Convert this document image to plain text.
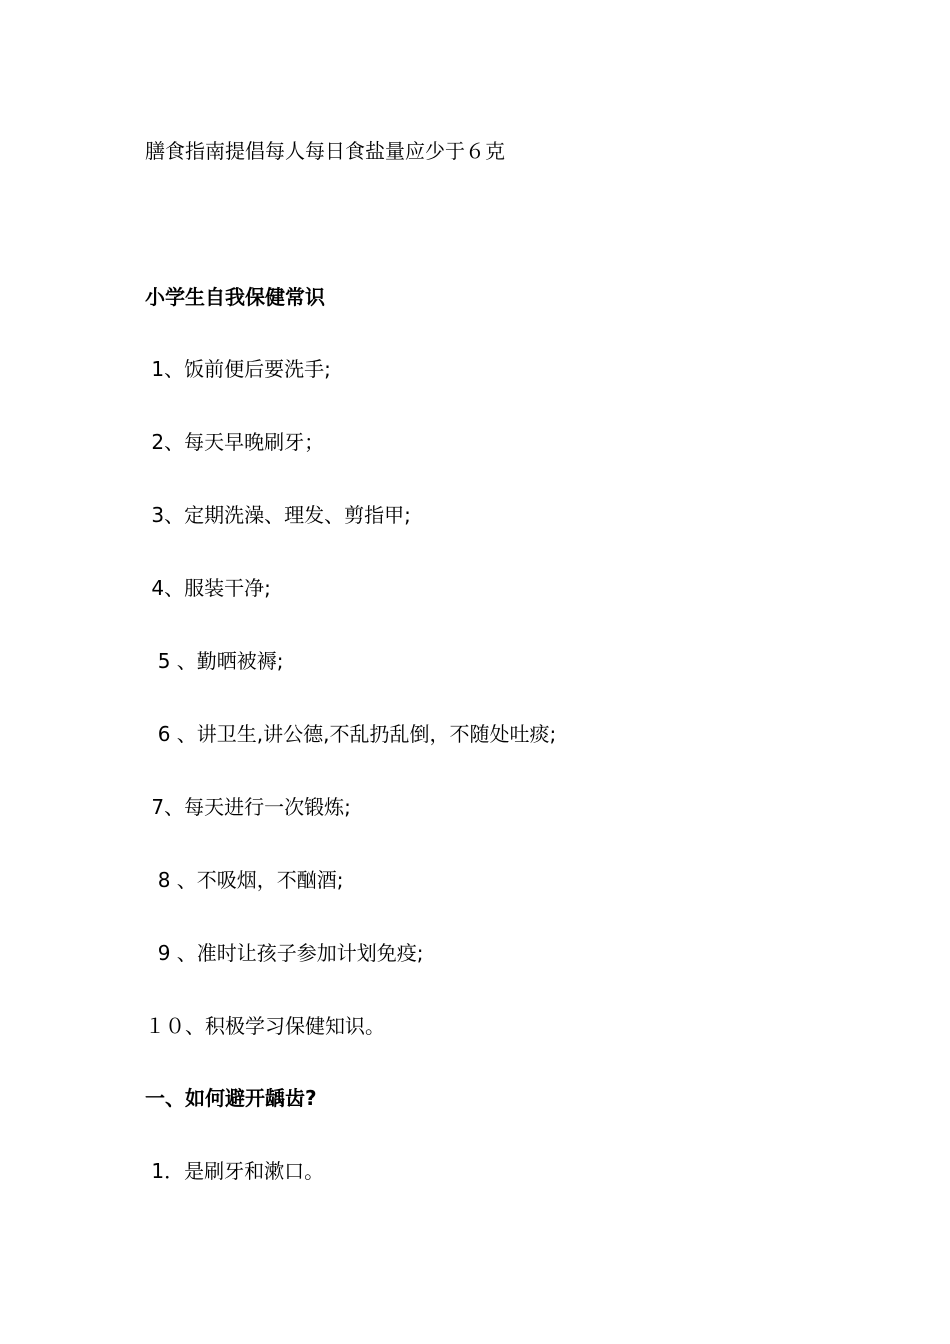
膳食指南提倡每人每日食盐量应少于６克

小学生自我保健常识

1、饭前便后要洗手;

2、每天早晚刷牙；

3、定期洗澡、理发、剪指甲;

4、服装干净;

5 、勤晒被褥;

6 、讲卫生,讲公德,不乱扔乱倒，不随处吐痰;

7、每天进行一次锻炼;

8 、不吸烟，不酗酒;

9 、准时让孩子参加计划免疫;

１０、积极学习保健知识。

一、如何避开龋齿?

1．是刷牙和漱口。
